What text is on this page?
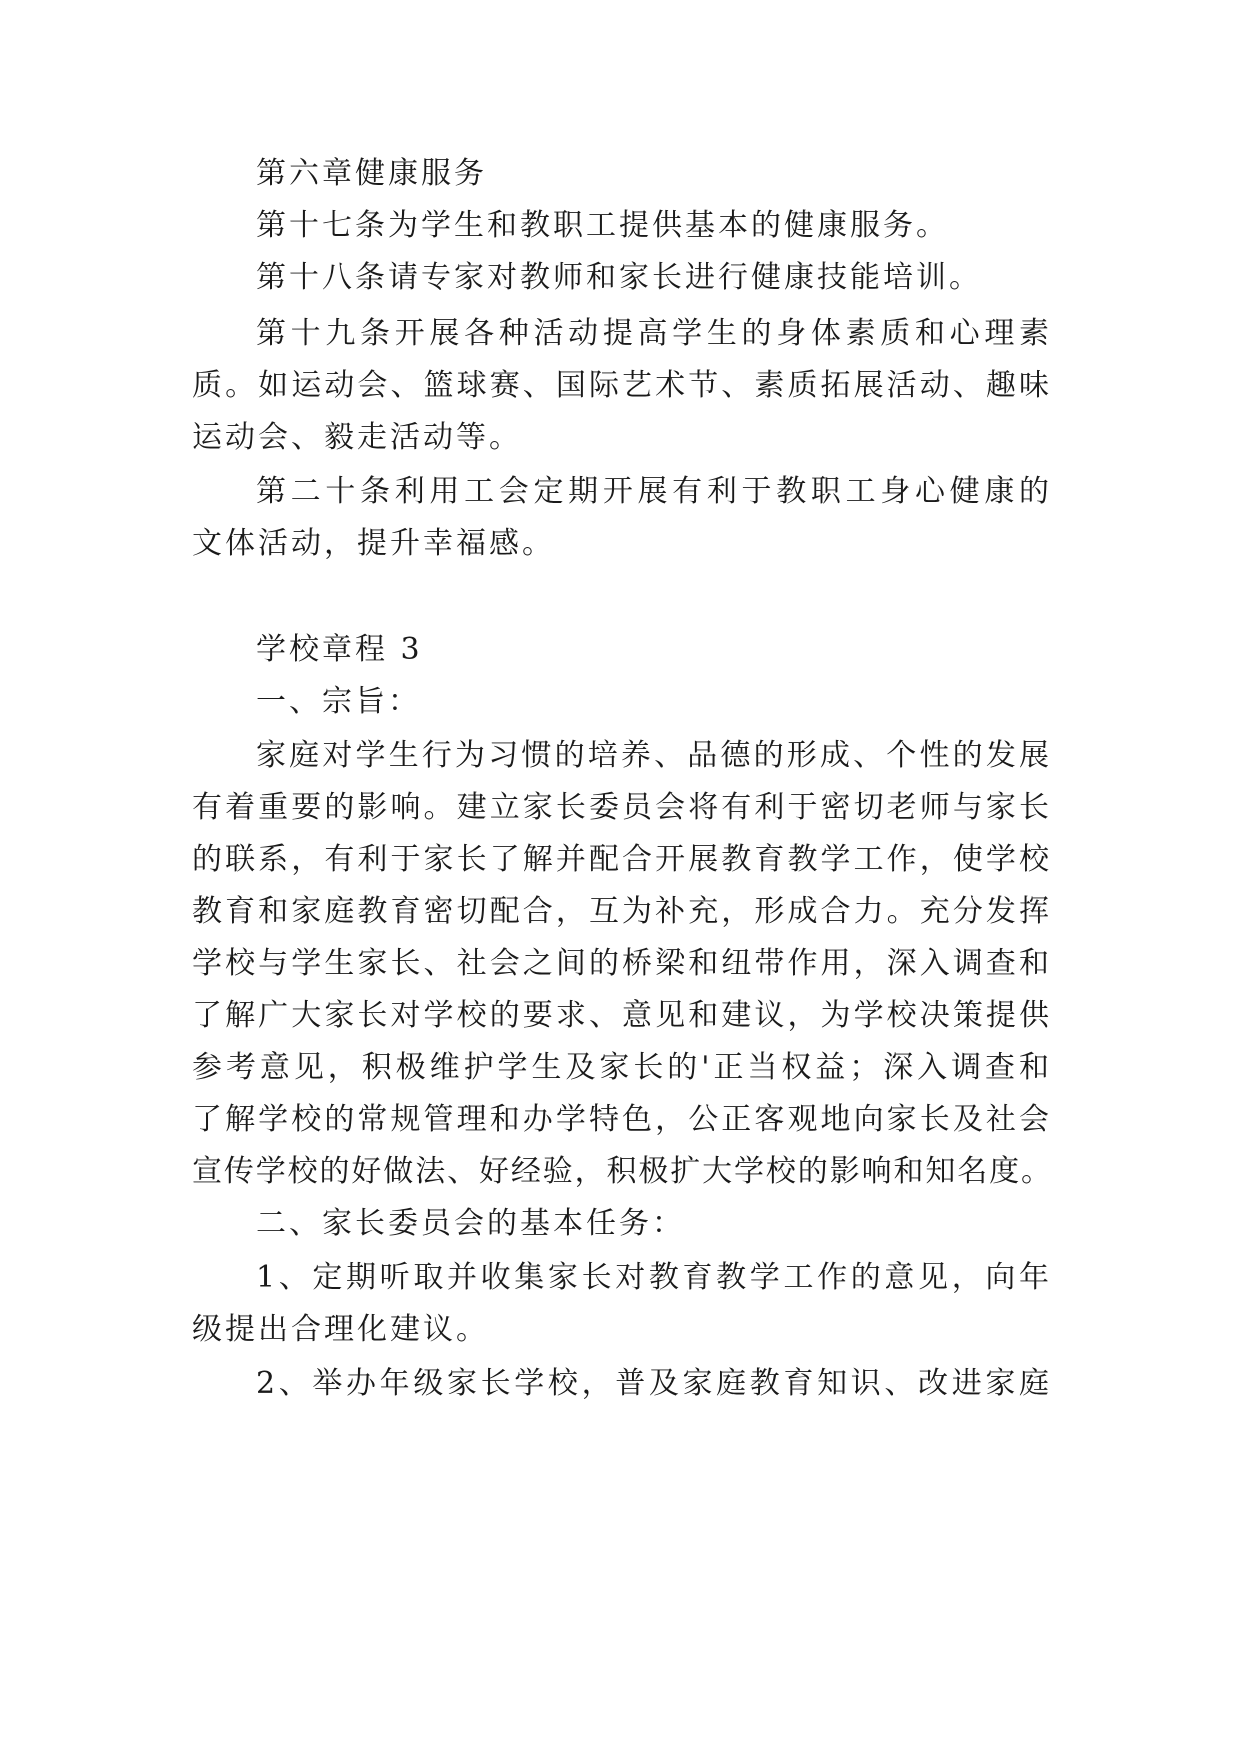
第六章健康服务
第十七条为学生和教职工提供基本的健康服务。
第十八条请专家对教师和家长进行健康技能培训。
第十九条开展各种活动提高学生的身体素质和心理素
质。如运动会、篮球赛、国际艺术节、素质拓展活动、趣味
运动会、毅走活动等。
第二十条利用工会定期开展有利于教职工身心健康的
文体活动，提升幸福感。
学校章程 3
一、宗旨：
家庭对学生行为习惯的培养、品德的形成、个性的发展
有着重要的影响。建立家长委员会将有利于密切老师与家长
的联系，有利于家长了解并配合开展教育教学工作，使学校
教育和家庭教育密切配合，互为补充，形成合力。充分发挥
学校与学生家长、社会之间的桥梁和纽带作用，深入调查和
了解广大家长对学校的要求、意见和建议，为学校决策提供
参考意见，积极维护学生及家长的'正当权益；深入调查和
了解学校的常规管理和办学特色，公正客观地向家长及社会
宣传学校的好做法、好经验，积极扩大学校的影响和知名度。
二、家长委员会的基本任务：
1、定期听取并收集家长对教育教学工作的意见，向年
级提出合理化建议。
2、举办年级家长学校，普及家庭教育知识、改进家庭
